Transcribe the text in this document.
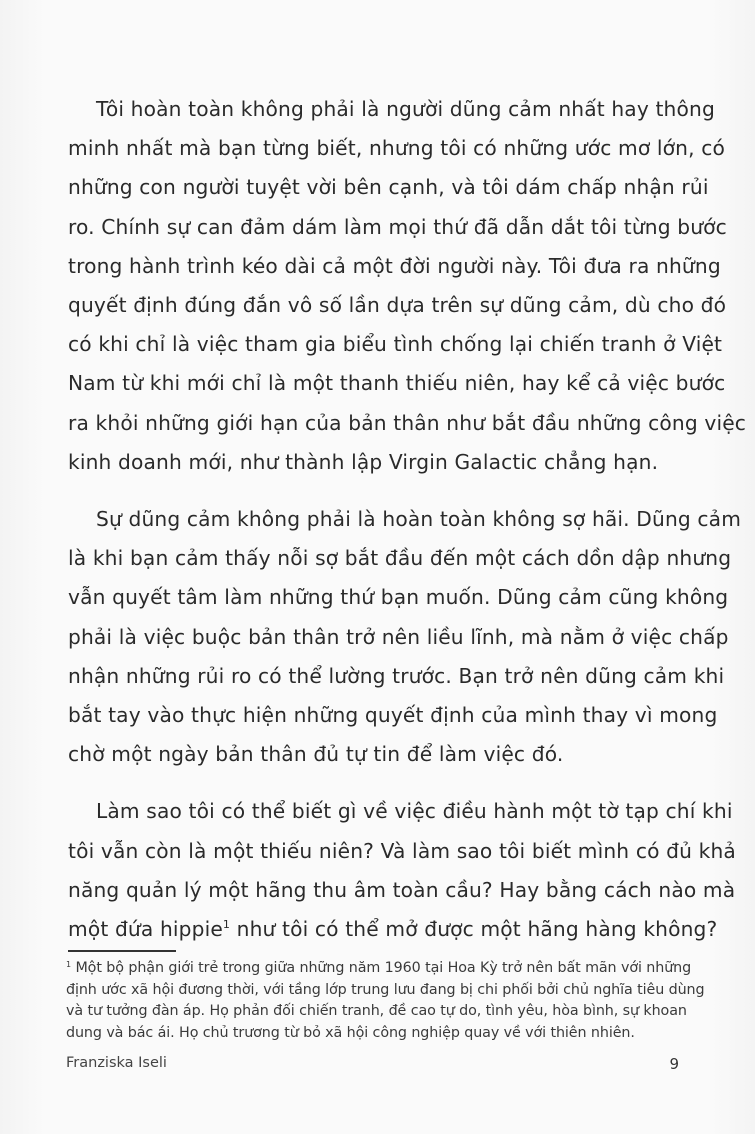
Tôi hoàn toàn không phải là người dũng cảm nhất hay thông
minh nhất mà bạn từng biết, nhưng tôi có những ước mơ lớn, có
những con người tuyệt vời bên cạnh, và tôi dám chấp nhận rủi
ro. Chính sự can đảm dám làm mọi thứ đã dẫn dắt tôi từng bước
trong hành trình kéo dài cả một đời người này. Tôi đưa ra những
quyết định đúng đắn vô số lần dựa trên sự dũng cảm, dù cho đó
có khi chỉ là việc tham gia biểu tình chống lại chiến tranh ở Việt
Nam từ khi mới chỉ là một thanh thiếu niên, hay kể cả việc bước
ra khỏi những giới hạn của bản thân như bắt đầu những công việc
kinh doanh mới, như thành lập Virgin Galactic chẳng hạn.

Sự dũng cảm không phải là hoàn toàn không sợ hãi. Dũng cảm
là khi bạn cảm thấy nỗi sợ bắt đầu đến một cách dồn dập nhưng
vẫn quyết tâm làm những thứ bạn muốn. Dũng cảm cũng không
phải là việc buộc bản thân trở nên liều lĩnh, mà nằm ở việc chấp
nhận những rủi ro có thể lường trước. Bạn trở nên dũng cảm khi
bắt tay vào thực hiện những quyết định của mình thay vì mong
chờ một ngày bản thân đủ tự tin để làm việc đó.

Làm sao tôi có thể biết gì về việc điều hành một tờ tạp chí khi
tôi vẫn còn là một thiếu niên? Và làm sao tôi biết mình có đủ khả
năng quản lý một hãng thu âm toàn cầu? Hay bằng cách nào mà
một đứa hippie$^1$ như tôi có thể mở được một hãng hàng không?

$^1$ Một bộ phận giới trẻ trong giữa những năm 1960 tại Hoa Kỳ trở nên bất mãn với những
định ước xã hội đương thời, với tầng lớp trung lưu đang bị chi phối bởi chủ nghĩa tiêu dùng
và tư tưởng đàn áp. Họ phản đối chiến tranh, đề cao tự do, tình yêu, hòa bình, sự khoan
dung và bác ái. Họ chủ trương từ bỏ xã hội công nghiệp quay về với thiên nhiên.
Franziska Iseli	9
